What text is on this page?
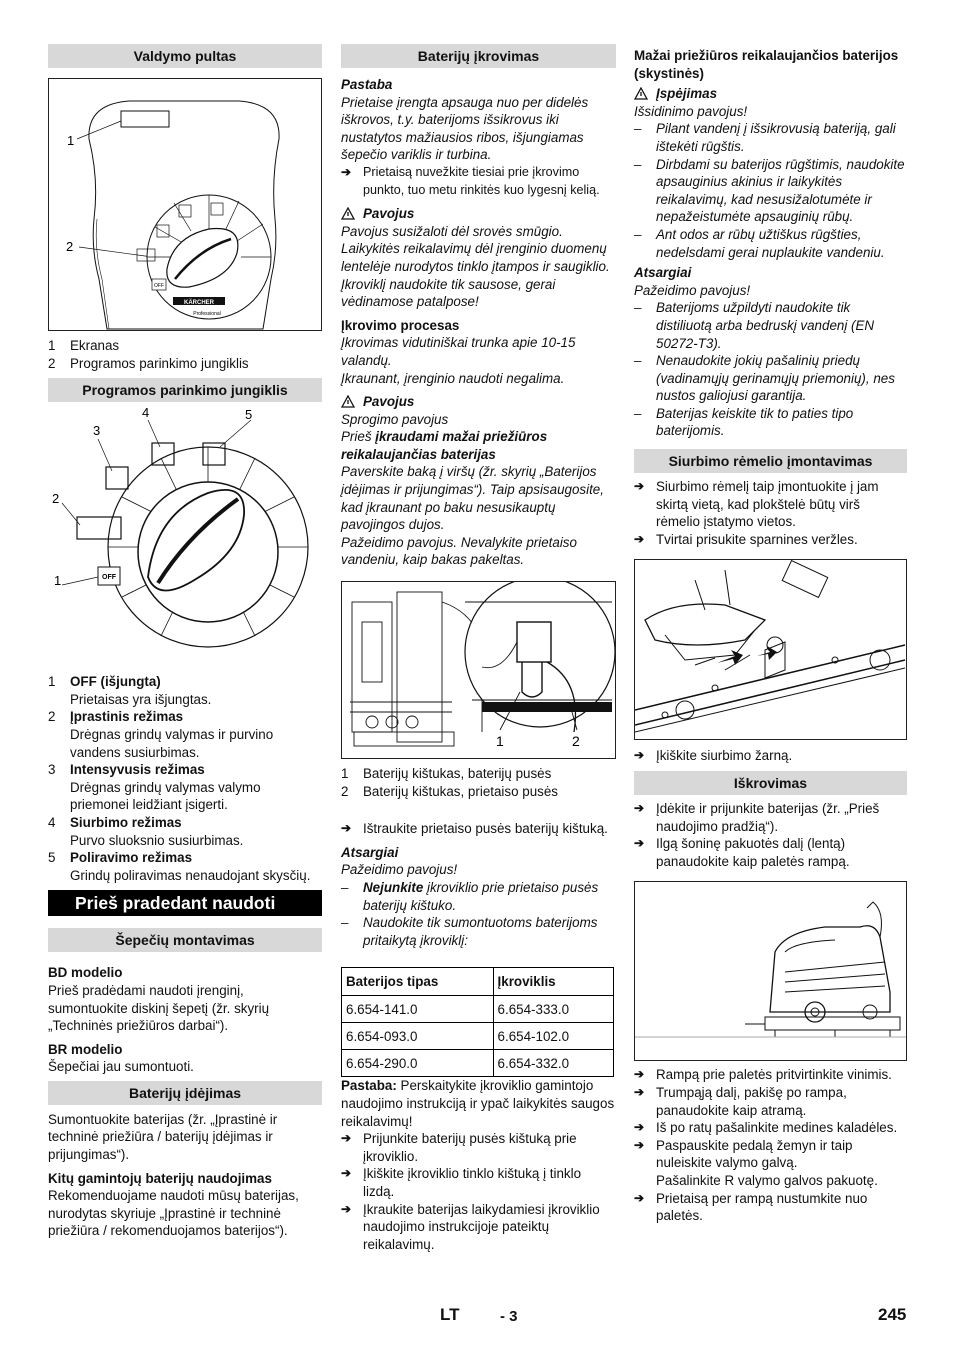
Valdymo pultas
OFF
KÄRCHER
Professional
1
2
1	Ekranas
2	Programos parinkimo jungiklis
Programos parinkimo jungiklis
OFF
1
2
3
4	5
1	OFF (išjungta)

Prietaisas yra išjungtas.

2	Įprastinis režimas

Drėgnas grindų valymas ir purvino vandens susiurbimas.

3	Intensyvusis režimas

Drėgnas grindų valymas valymo priemonei leidžiant įsigerti.

4	Siurbimo režimas

Purvo sluoksnio susiurbimas.

5	Poliravimo režimas

Grindų poliravimas nenaudojant skysčių.

Prieš pradedant naudoti
Šepečių montavimas

BD modelio

Prieš pradėdami naudoti įrenginį, sumontuokite diskinį šepetį (žr. skyrių „Techninės priežiūros darbai“).

BR modelio

Šepečiai jau sumontuoti.

Baterijų įdėjimas

Sumontuokite baterijas (žr. „Įprastinė ir techninė priežiūra / baterijų įdėjimas ir prijungimas“).

Kitų gamintojų baterijų naudojimas

Rekomenduojame naudoti mūsų baterijas, nurodytas skyriuje „Įprastinė ir techninė priežiūra / rekomenduojamos baterijos“).

Baterijų įkrovimas

Pastaba

Prietaise įrengta apsauga nuo per didelės iškrovos, t.y. baterijoms išsikrovus iki nustatytos mažiausios ribos, išjungiamas šepečio variklis ir turbina.

➔ Prietaisą nuvežkite tiesiai prie įkrovimo punkto, tuo metu rinkitės kuo lygesnį kelią.
Pavojus

Pavojus susižaloti dėl srovės smūgio. Laikykitės reikalavimų dėl įrenginio duomenų lentelėje nurodytos tinklo įtampos ir saugiklio. Įkroviklį naudokite tik sausose, gerai vėdinamose patalpose!

Įkrovimo procesas

Įkrovimas vidutiniškai trunka apie 10-15 valandų.

Įkraunant, įrenginio naudoti negalima.

Pavojus

Sprogimo pavojus

Prieš įkraudami mažai priežiūros reikalaujančias baterijas

Paverskite baką į viršų (žr. skyrių „Baterijos įdėjimas ir prijungimas“). Taip apsisaugosite, kad įkraunant po baku nesusikauptų pavojingos dujos.

Pažeidimo pavojus. Nevalykite prietaiso vandeniu, kaip bakas pakeltas.

1	2
1	Baterijų kištukas, baterijų pusės
2	Baterijų kištukas, prietaiso pusės
➔ Ištraukite prietaiso pusės baterijų kištuką.

Atsargiai

Pažeidimo pavojus!

–	Nejunkite įkroviklio prie prietaiso pusės baterijų kištuko.
–	Naudokite tik sumontuotoms baterijoms pritaikytą įkroviklį:
Baterijos tipas	Įkroviklis
6.654-141.0	6.654-333.0
6.654-093.0	6.654-102.0
6.654-290.0	6.654-332.0

Pastaba: Perskaitykite įkroviklio gamintojo naudojimo instrukciją ir ypač laikykitės saugos reikalavimų!

➔ Prijunkite baterijų pusės kištuką prie įkroviklio.
➔ Įkiškite įkroviklio tinklo kištuką į tinklo lizdą.
➔ Įkraukite baterijas laikydamiesi įkroviklio naudojimo instrukcijoje pateiktų reikalavimų.

Mažai priežiūros reikalaujančios baterijos (skystinės)

Įspėjimas

Išsidinimo pavojus!

–	Pilant vandenį į išsikrovusią bateriją, gali ištekėti rūgštis.
–	Dirbdami su baterijos rūgštimis, naudokite apsauginius akinius ir laikykitės reikalavimų, kad nesusižalotumėte ir nepažeistumėte apsauginių rūbų.
–	Ant odos ar rūbų užtiškus rūgšties, nedelsdami gerai nuplaukite vandeniu.

Atsargiai

Pažeidimo pavojus!

–	Baterijoms užpildyti naudokite tik distiliuotą arba bedruskį vandenį (EN 50272-T3).
–	Nenaudokite jokių pašalinių priedų (vadinamųjų gerinamųjų priemonių), nes nustos galiojusi garantija.
–	Baterijas keiskite tik to paties tipo baterijomis.
Siurbimo rėmelio įmontavimas
➔ Siurbimo rėmelį taip įmontuokite į jam skirtą vietą, kad plokštelė būtų virš rėmelio įstatymo vietos.
➔ Tvirtai prisukite sparnines veržles.
➔ Įkiškite siurbimo žarną.
Iškrovimas
➔ Įdėkite ir prijunkite baterijas (žr. „Prieš naudojimo pradžią“).
➔ Ilgą šoninę pakuotės dalį (lentą) panaudokite kaip paletės rampą.
➔ Rampą prie paletės pritvirtinkite vinimis.
➔ Trumpąją dalį, pakišę po rampa, panaudokite kaip atramą.
➔ Iš po ratų pašalinkite medines kaladėles.
➔ Paspauskite pedalą žemyn ir taip nuleiskite valymo galvą.

Pašalinkite R valymo galvos pakuotę.

➔ Prietaisą per rampą nustumkite nuo paletės.
LT	- 3	245
